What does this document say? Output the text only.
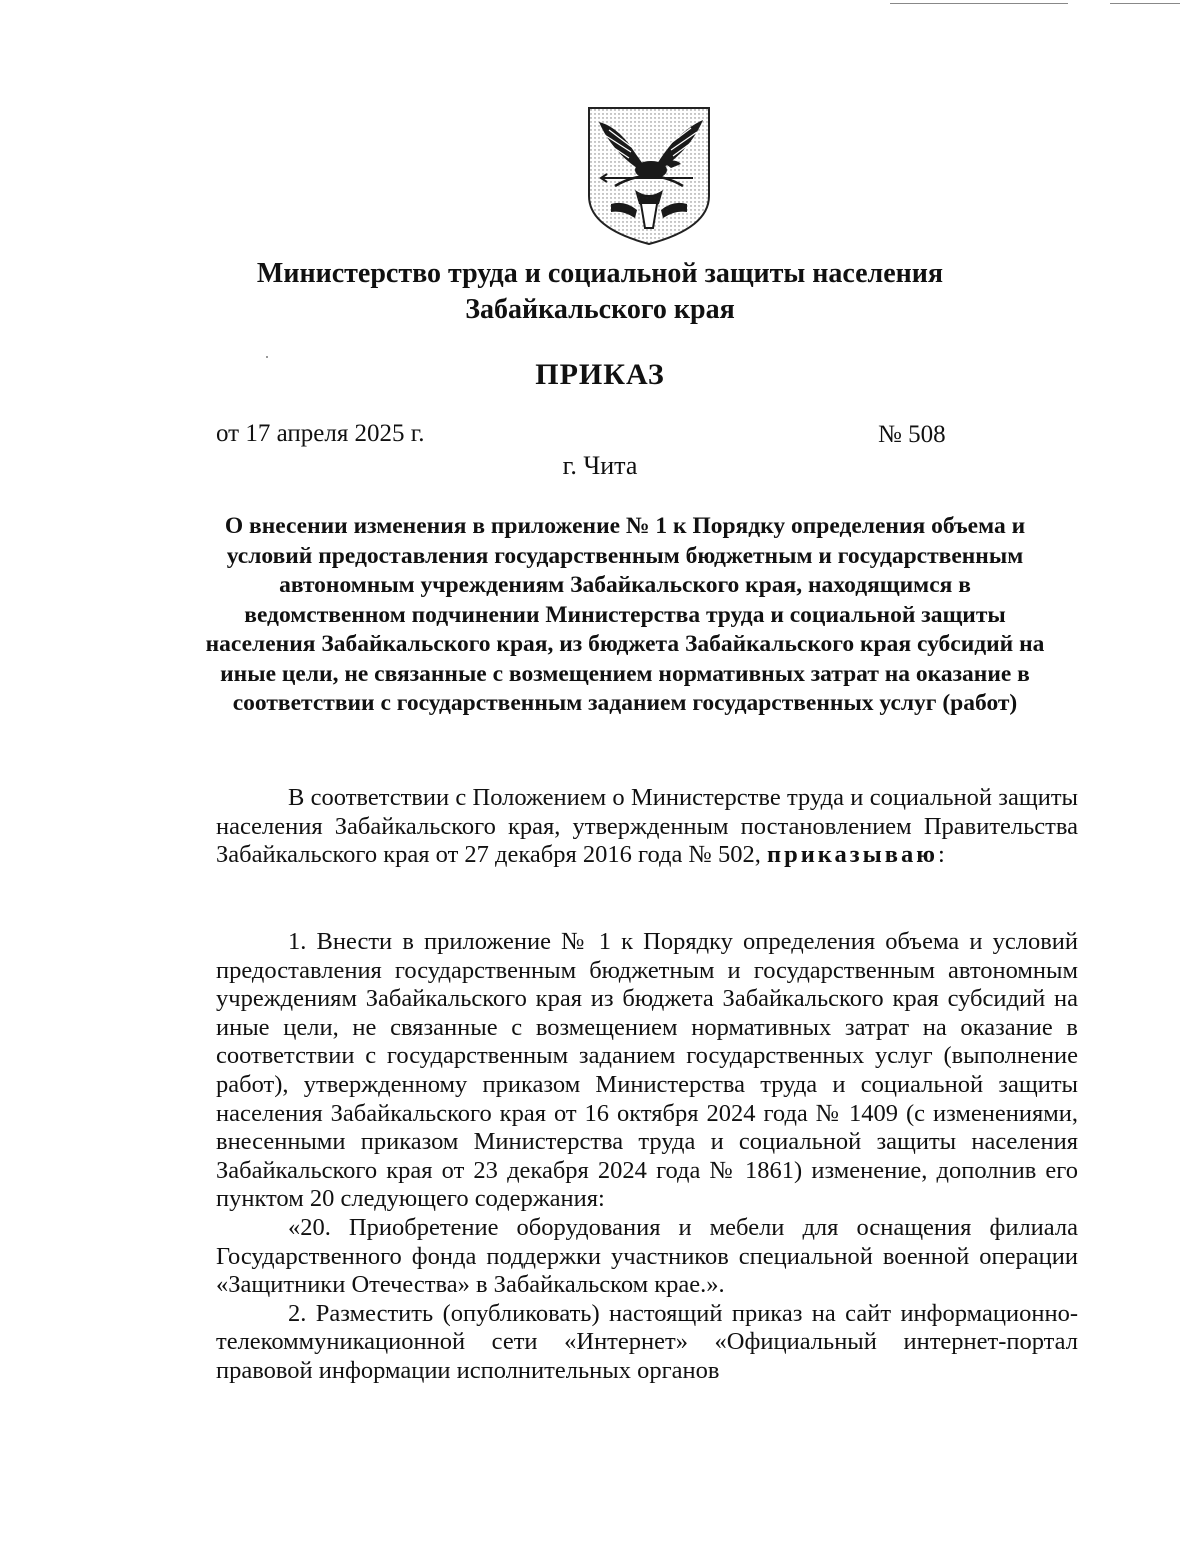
Министерство труда и социальной защиты населения
Забайкальского края
ПРИКАЗ
от 17 апреля 2025 г.	№ 508
г. Чита
О внесении изменения в приложение № 1 к Порядку определения объема и условий предоставления государственным бюджетным и государственным автономным учреждениям Забайкальского края, находящимся в ведомственном подчинении Министерства труда и социальной защиты населения Забайкальского края, из бюджета Забайкальского края субсидий на иные цели, не связанные с возмещением нормативных затрат на оказание в соответствии с государственным заданием государственных услуг (работ)

В соответствии с Положением о Министерстве труда и социальной защиты населения Забайкальского края, утвержденным постановлением Правительства Забайкальского края от 27 декабря 2016 года № 502, приказываю:

1. Внести в приложение № 1 к Порядку определения объема и условий предоставления государственным бюджетным и государственным автономным учреждениям Забайкальского края из бюджета Забайкальского края субсидий на иные цели, не связанные с возмещением нормативных затрат на оказание в соответствии с государственным заданием государственных услуг (выполнение работ), утвержденному приказом Министерства труда и социальной защиты населения Забайкальского края от 16 октября 2024 года № 1409 (с изменениями, внесенными приказом Министерства труда и социальной защиты населения Забайкальского края от 23 декабря 2024 года № 1861) изменение, дополнив его пунктом 20 следующего содержания:

«20. Приобретение оборудования и мебели для оснащения филиала Государственного фонда поддержки участников специальной военной операции «Защитники Отечества» в Забайкальском крае.».

2. Разместить (опубликовать) настоящий приказ на сайт информационно-телекоммуникационной сети «Интернет» «Официальный интернет-портал правовой информации исполнительных органов
